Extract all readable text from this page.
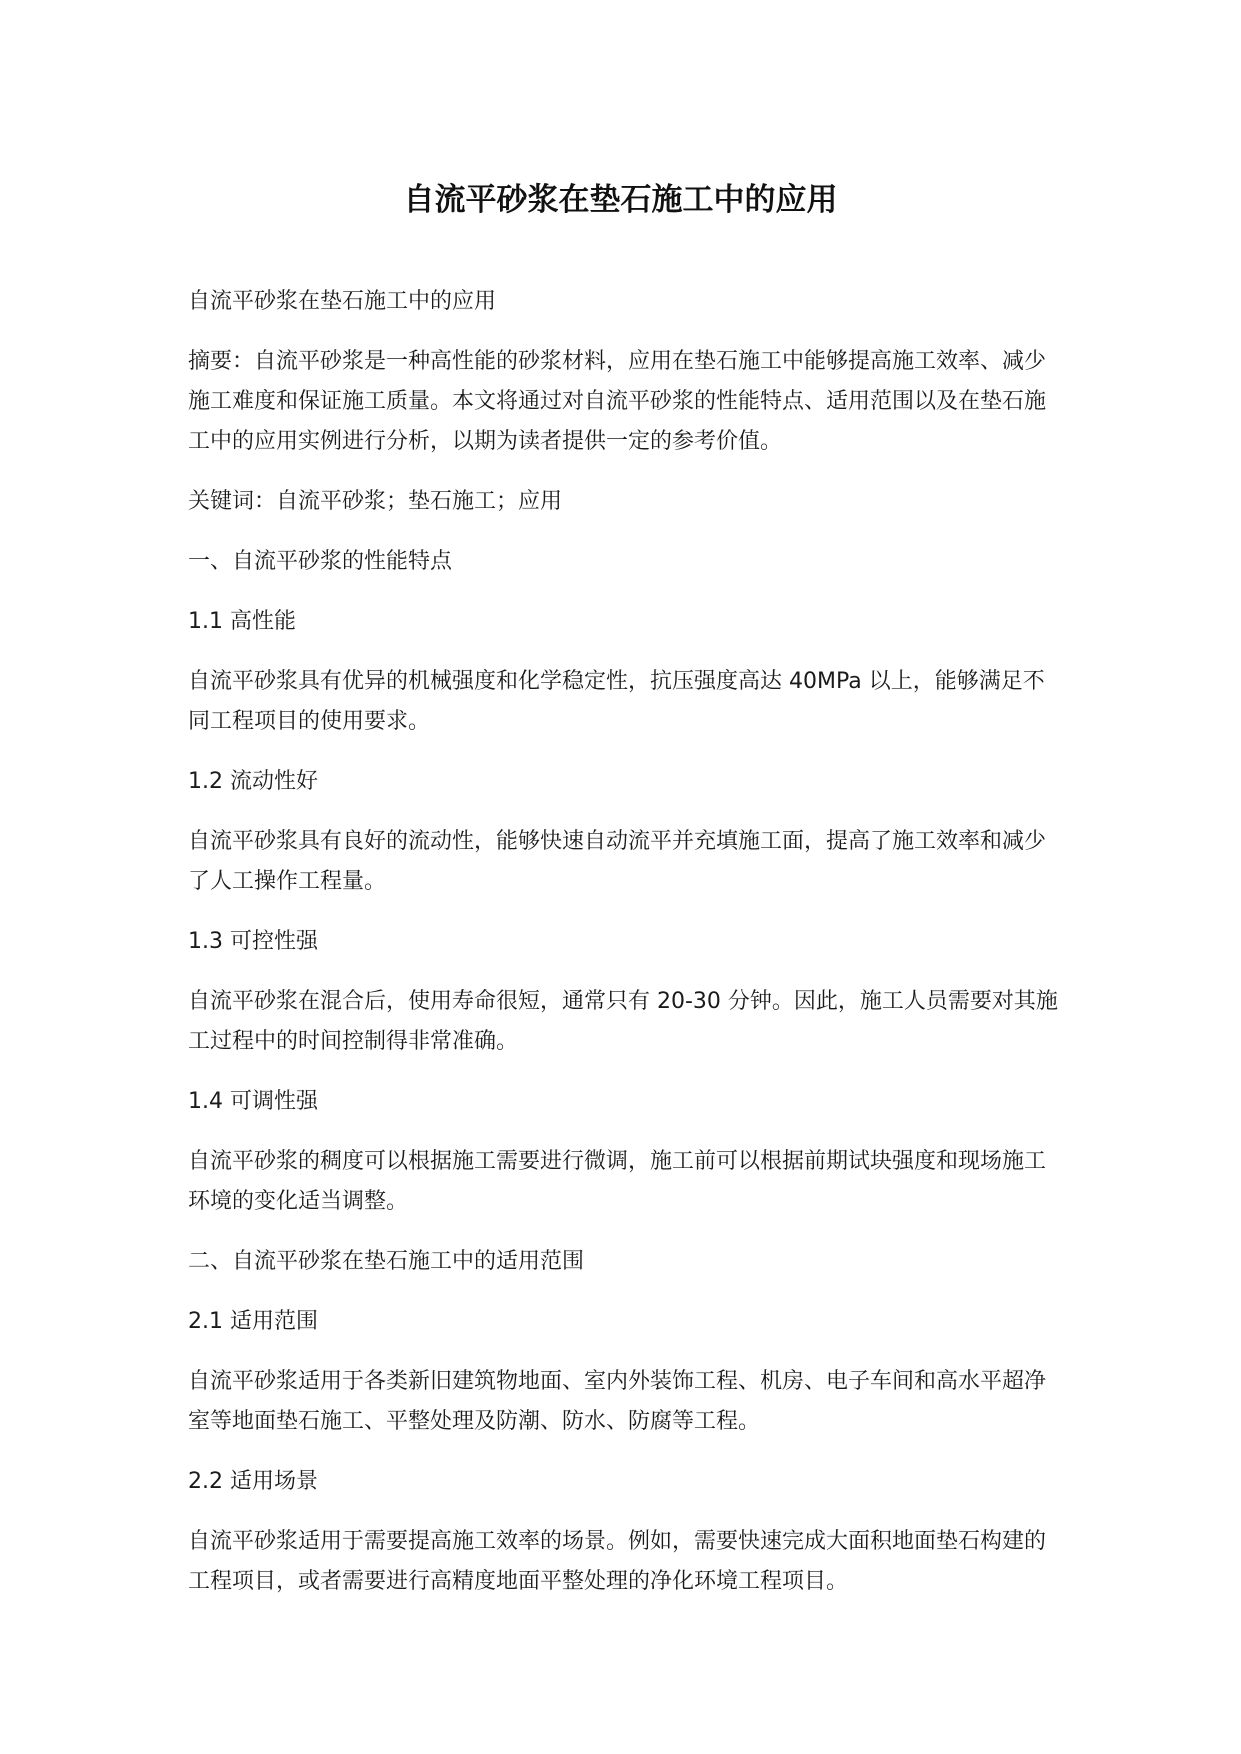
自流平砂浆在垫石施工中的应用

自流平砂浆在垫石施工中的应用

摘要：自流平砂浆是一种高性能的砂浆材料，应用在垫石施工中能够提高施工效率、减少施工难度和保证施工质量。本文将通过对自流平砂浆的性能特点、适用范围以及在垫石施工中的应用实例进行分析，以期为读者提供一定的参考价值。

关键词：自流平砂浆；垫石施工；应用

一、自流平砂浆的性能特点

1.1 高性能

自流平砂浆具有优异的机械强度和化学稳定性，抗压强度高达 40MPa 以上，能够满足不同工程项目的使用要求。

1.2 流动性好

自流平砂浆具有良好的流动性，能够快速自动流平并充填施工面，提高了施工效率和减少了人工操作工程量。

1.3 可控性强

自流平砂浆在混合后，使用寿命很短，通常只有 20-30 分钟。因此，施工人员需要对其施工过程中的时间控制得非常准确。

1.4 可调性强

自流平砂浆的稠度可以根据施工需要进行微调，施工前可以根据前期试块强度和现场施工环境的变化适当调整。

二、自流平砂浆在垫石施工中的适用范围

2.1 适用范围

自流平砂浆适用于各类新旧建筑物地面、室内外装饰工程、机房、电子车间和高水平超净室等地面垫石施工、平整处理及防潮、防水、防腐等工程。

2.2 适用场景

自流平砂浆适用于需要提高施工效率的场景。例如，需要快速完成大面积地面垫石构建的工程项目，或者需要进行高精度地面平整处理的净化环境工程项目。
